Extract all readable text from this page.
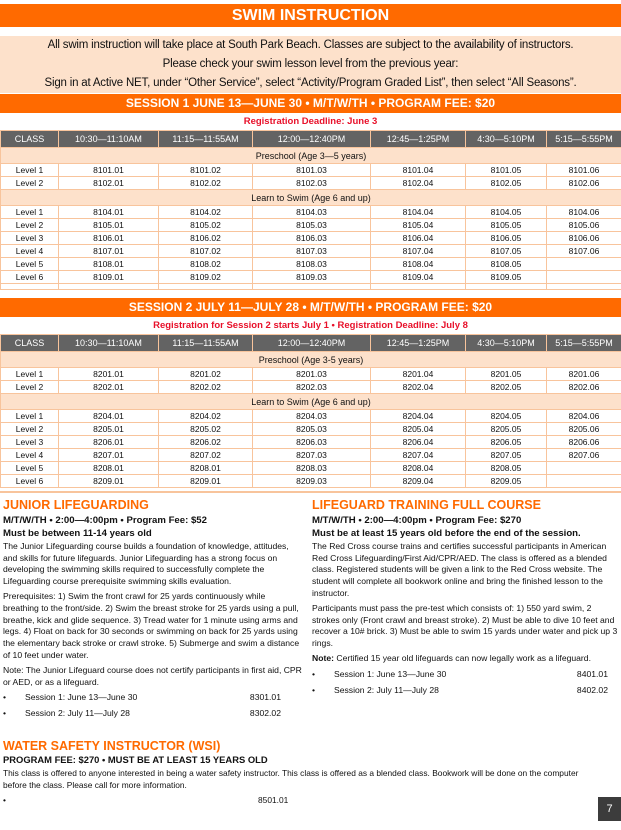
SWIM INSTRUCTION
All swim instruction will take place at South Park Beach. Classes are subject to the availability of instructors.
Please check your swim lesson level from the previous year:
Sign in at Active NET, under “Other Service”, select “Activity/Program Graded List”, then select “All Seasons”.
SESSION 1 JUNE 13—JUNE 30 • M/T/W/TH • PROGRAM FEE: $20
Registration Deadline: June 3
CLASS	10:30—11:10AM	11:15—11:55AM	12:00—12:40PM	12:45—1:25PM	4:30—5:10PM	5:15—5:55PM
Preschool (Age 3—5 years)						
Level 1	8101.01	8101.02	8101.03	8101.04	8101.05	8101.06
Level 2	8102.01	8102.02	8102.03	8102.04	8102.05	8102.06
Learn to Swim (Age 6 and up)						
Level 1	8104.01	8104.02	8104.03	8104.04	8104.05	8104.06
Level 2	8105.01	8105.02	8105.03	8105.04	8105.05	8105.06
Level 3	8106.01	8106.02	8106.03	8106.04	8106.05	8106.06
Level 4	8107.01	8107.02	8107.03	8107.04	8107.05	8107.06
Level 5	8108.01	8108.02	8108.03	8108.04	8108.05	
Level 6	8109.01	8109.02	8109.03	8109.04	8109.05	

SESSION 2 JULY 11—JULY 28 • M/T/W/TH • PROGRAM FEE: $20
Registration for Session 2 starts July 1 • Registration Deadline: July 8
CLASS	10:30—11:10AM	11:15—11:55AM	12:00—12:40PM	12:45—1:25PM	4:30—5:10PM	5:15—5:55PM
Preschool (Age 3-5 years)						
Level 1	8201.01	8201.02	8201.03	8201.04	8201.05	8201.06
Level 2	8202.01	8202.02	8202.03	8202.04	8202.05	8202.06
Learn to Swim (Age 6 and up)						
Level 1	8204.01	8204.02	8204.03	8204.04	8204.05	8204.06
Level 2	8205.01	8205.02	8205.03	8205.04	8205.05	8205.06
Level 3	8206.01	8206.02	8206.03	8206.04	8206.05	8206.06
Level 4	8207.01	8207.02	8207.03	8207.04	8207.05	8207.06
Level 5	8208.01	8208.01	8208.03	8208.04	8208.05	
Level 6	8209.01	8209.01	8209.03	8209.04	8209.05	
JUNIOR LIFEGUARDING
M/T/W/TH • 2:00—4:00pm • Program Fee: $52
Must be between 11-14 years old

The Junior Lifeguarding course builds a foundation of knowledge, attitudes, and skills for future lifeguards. Junior Lifeguarding has a strong focus on developing the swimming skills required to successfully complete the Lifeguarding course prerequisite swimming skills evaluation.

Prerequisites: 1) Swim the front crawl for 25 yards continuously while breathing to the front/side. 2) Swim the breast stroke for 25 yards using a pull, breathe, kick and glide sequence. 3) Tread water for 1 minute using arms and legs. 4) Float on back for 30 seconds or swimming on back for 25 yards using the elementary back stroke or crawl stroke. 5) Submerge and swim a distance of 10 feet under water.

Note: The Junior Lifeguard course does not certify participants in first aid, CPR or AED, or as a lifeguard.

•	Session 1: June 13—June 30	8301.01
•	Session 2: July 11—July 28	8302.02
LIFEGUARD TRAINING FULL COURSE
M/T/W/TH • 2:00—4:00pm • Program Fee: $270
Must be at least 15 years old before the end of the session.

The Red Cross course trains and certifies successful participants in American Red Cross Lifeguarding/First Aid/CPR/AED. The class is offered as a blended class. Registered students will be given a link to the Red Cross website. The student will complete all bookwork online and bring the finished lesson to the instructor.

Participants must pass the pre-test which consists of: 1) 550 yard swim, 2 strokes only (Front crawl and breast stroke). 2) Must be able to dive 10 feet and recover a 10# brick. 3) Must be able to swim 15 yards under water and pick up 3 rings.

Note: Certified 15 year old lifeguards can now legally work as a lifeguard.

•	Session 1: June 13—June 30	8401.01
•	Session 2: July 11—July 28	8402.02
WATER SAFETY INSTRUCTOR (WSI)
PROGRAM FEE: $270 • MUST BE AT LEAST 15 YEARS OLD

This class is offered to anyone interested in being a water safety instructor. This class is offered as a blended class. Bookwork will be done on the computer before the class. Please call for more information.

•	8501.01
7
